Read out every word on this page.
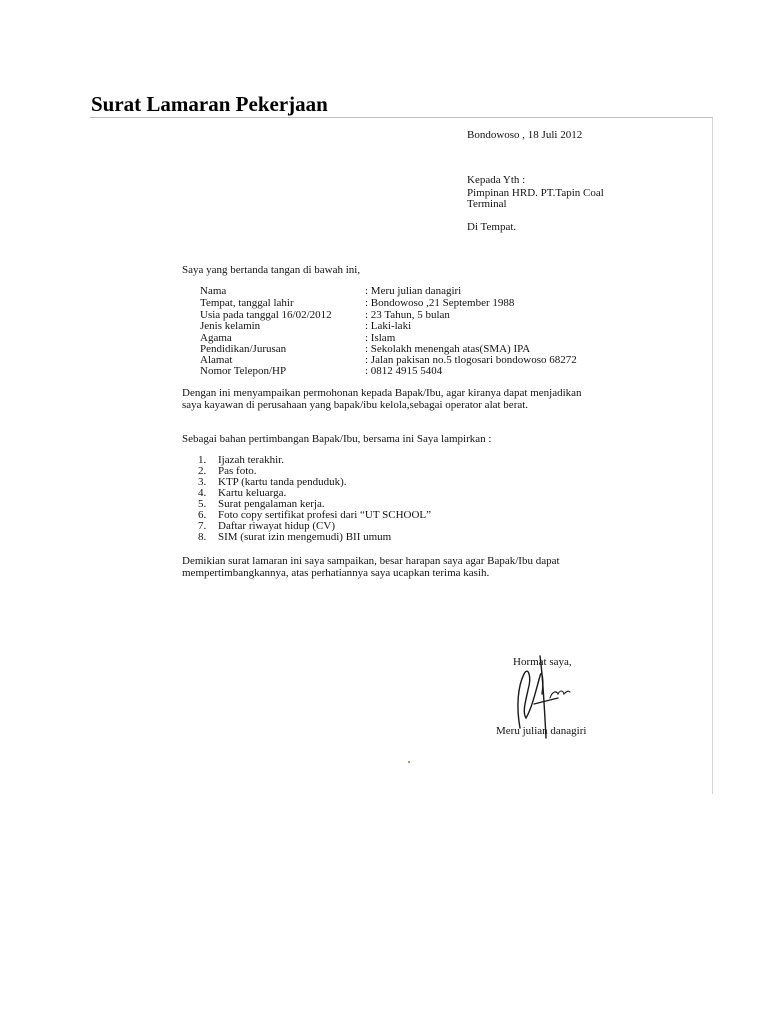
Surat Lamaran Pekerjaan
Bondowoso , 18 Juli 2012
Kepada Yth :
Pimpinan HRD. PT.Tapin Coal
Terminal
Di Tempat.
Saya yang bertanda tangan di bawah ini,
Nama	: Meru julian danagiri
Tempat, tanggal lahir	: Bondowoso ,21 September 1988
Usia pada tanggal 16/02/2012	: 23 Tahun, 5 bulan
Jenis kelamin	: Laki-laki
Agama	: Islam
Pendidikan/Jurusan	: Sekolakh menengah atas(SMA) IPA
Alamat	: Jalan pakisan no.5 tlogosari bondowoso 68272
Nomor Telepon/HP	: 0812 4915 5404
Dengan ini menyampaikan permohonan kepada Bapak/Ibu, agar kiranya dapat menjadikan saya kayawan di perusahaan yang bapak/ibu kelola,sebagai operator alat berat.
Sebagai bahan pertimbangan Bapak/Ibu, bersama ini Saya lampirkan :
1. Ijazah terakhir.
2. Pas foto.
3. KTP (kartu tanda penduduk).
4. Kartu keluarga.
5. Surat pengalaman kerja.
6. Foto copy sertifikat profesi dari “UT SCHOOL”
7. Daftar riwayat hidup (CV)
8. SIM (surat izin mengemudi) BII umum
Demikian surat lamaran ini saya sampaikan, besar harapan saya agar Bapak/Ibu dapat mempertimbangkannya, atas perhatiannya saya ucapkan terima kasih.
Hormat saya,
Meru julian danagiri
